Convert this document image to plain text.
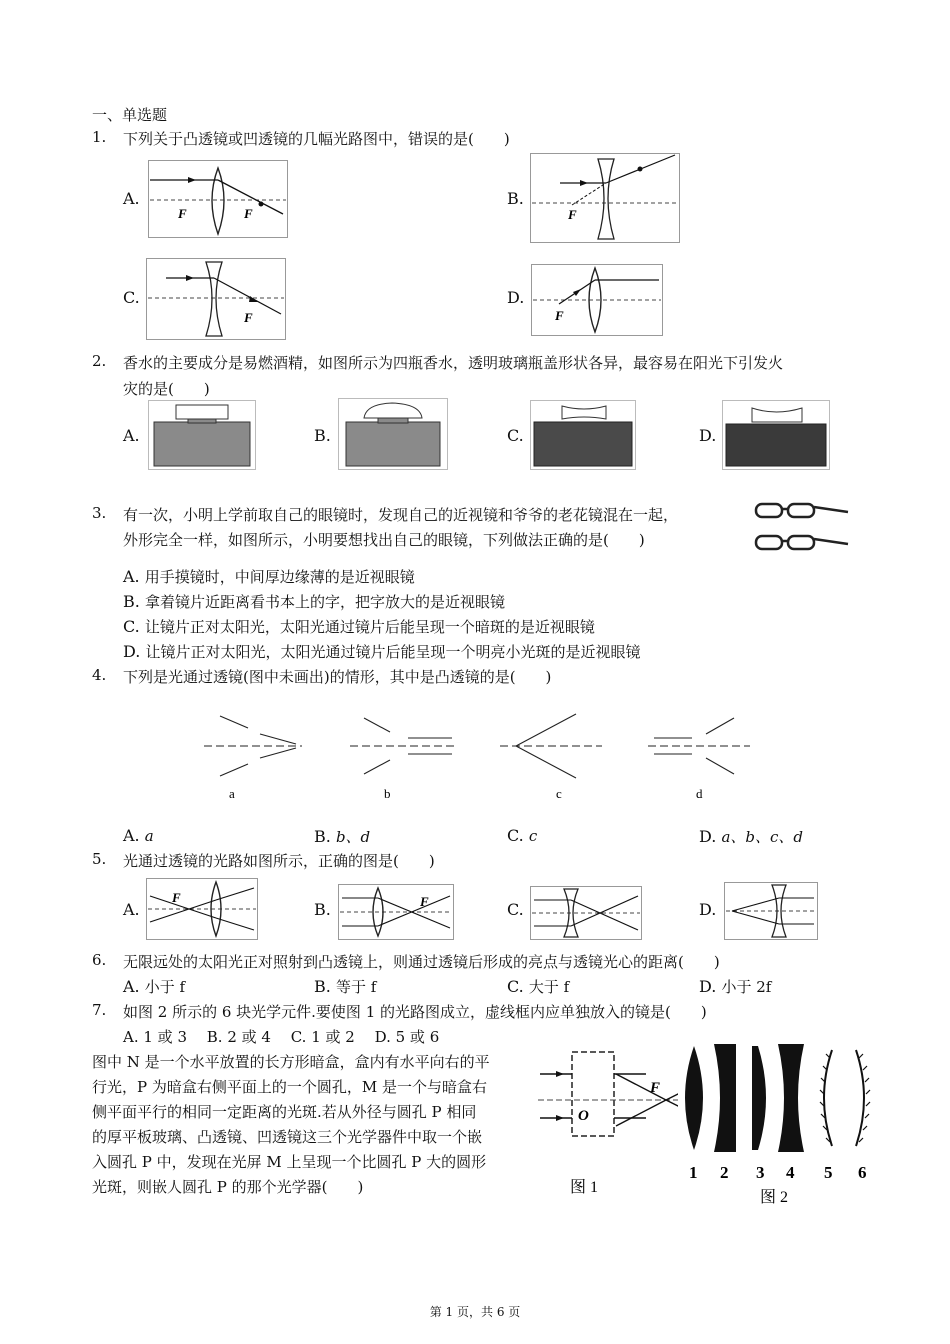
一、单选题
1. 下列关于凸透镜或凹透镜的几幅光路图中，错误的是(　　)
A.
F	F
B.
F
C.
F
D.
F
2. 香水的主要成分是易燃酒精，如图所示为四瓶香水，透明玻璃瓶盖形状各异，最容易在阳光下引发火
灾的是(　　)
A.	B.	C.	D.
3. 有一次，小明上学前取自己的眼镜时，发现自己的近视镜和爷爷的老花镜混在一起，
外形完全一样，如图所示，小明要想找出自己的眼镜，下列做法正确的是(　　)
A. 用手摸镜时，中间厚边缘薄的是近视眼镜
B. 拿着镜片近距离看书本上的字，把字放大的是近视眼镜
C. 让镜片正对太阳光，太阳光通过镜片后能呈现一个暗斑的是近视眼镜
D. 让镜片正对太阳光，太阳光通过镜片后能呈现一个明亮小光斑的是近视眼镜
4. 下列是光通过透镜(图中未画出)的情形，其中是凸透镜的是(　　)
a	b	c	d
A. a	B. b、d	C. c	D. a、b、c、d
5. 光通过透镜的光路如图所示，正确的图是(　　)
A.
F
B.	F	C.	D.
6. 无限远处的太阳光正对照射到凸透镜上，则通过透镜后形成的亮点与透镜光心的距离(　　)
A. 小于 f	B. 等于 f	C. 大于 f	D. 小于 2f
7. 如图 2 所示的 6 块光学元件.要使图 1 的光路图成立，虚线框内应单独放入的镜是(　　)
A. 1 或 3　 B. 2 或 4　 C. 1 或 2　 D. 5 或 6
图中 N 是一个水平放置的长方形暗盒，盒内有水平向右的平
行光，P 为暗盒右侧平面上的一个圆孔，M 是一个与暗盒右
侧平面平行的相同一定距离的光斑.若从外径与圆孔 P 相同
的厚平板玻璃、凸透镜、凹透镜这三个光学器件中取一个嵌
入圆孔 P 中，发现在光屏 M 上呈现一个比圆孔 P 大的圆形
光斑，则嵌人圆孔 P 的那个光学器(　　)
F
O
图 1
1 2 3 4 5 6
图 2
第 1 页，共 6 页
